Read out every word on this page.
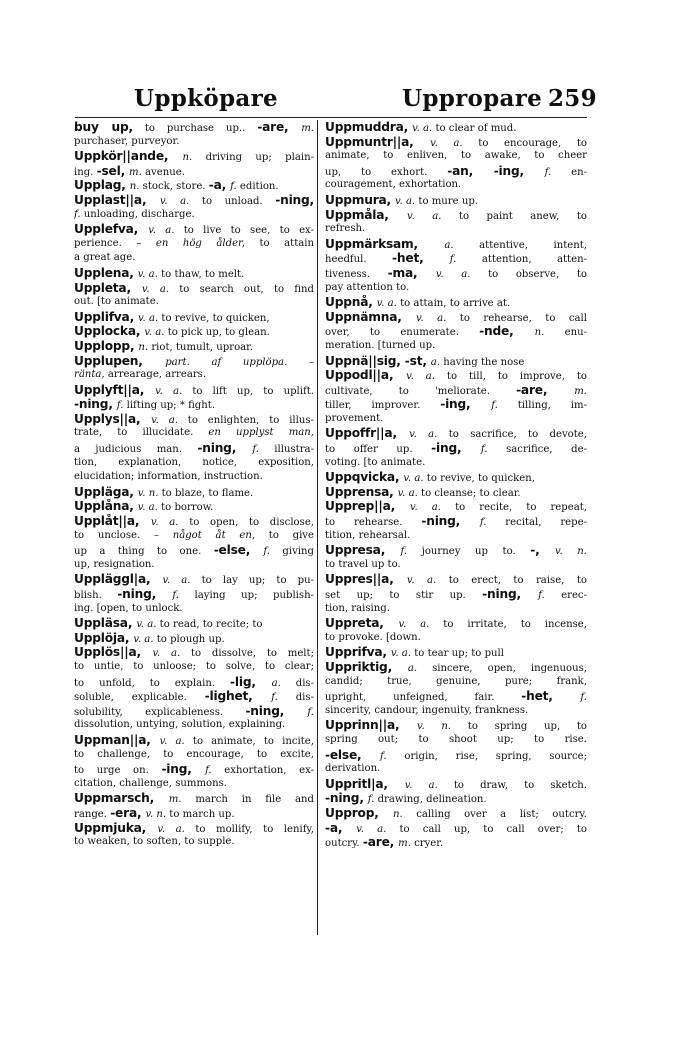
Uppköpare	Uppropare 259
buy up, to purchase up.. -are, m.
purchaser, purveyor.
Uppkör||ande, n. driving up; plain-
ing. -sel, m. avenue.
Upplag, n. stock, store. -a, f. edition.
Upplast||a, v. a. to unload. -ning,
f. unloading, discharge.
Upplefva, v. a. to live to see, to ex-
perience. – en hög ålder, to attain
a great age.
Upplena, v. a. to thaw, to melt.
Uppleta, v. a. to search out, to find
out. [to animate.
Upplifva, v. a. to revive, to quicken,
Upplocka, v. a. to pick up, to glean.
Upplopp, n. riot, tumult, uproar.
Upplupen, part. af upplöpa. –
ränta, arrearage, arrears.
Upplyft||a, v. a. to lift up, to uplift.
-ning, f. lifting up; * fight.
Upplys||a, v. a. to enlighten, to illus-
trate, to illucidate. en upplyst man,
a judicious man. -ning, f. illustra-
tion, explanation, notice, exposition,
elucidation; information, instruction.
Uppläga, v. n. to blaze, to flame.
Upplåna, v. a. to borrow.
Upplåt||a, v. a. to open, to disclose,
to unclose. – något åt en, to give
up a thing to one. -else, f. giving
up, resignation.
Uppläggl|a, v. a. to lay up; to pu-
blish. -ning, f. laying up; publish-
ing. [open, to unlock.
Uppläsa, v. a. to read, to recite; to
Upplöja, v. a. to plough up.
Upplös||a, v. a. to dissolve, to melt;
to untie, to unloose; to solve, to clear;
to unfold, to explain. -lig, a. dis-
soluble, explicable. -lighet, f. dis-
solubility, explicableness. -ning, f.
dissolution, untying, solution, explaining.
Uppman||a, v. a. to animate, to incite,
to challenge, to encourage, to excite,
to urge on. -ing, f. exhortation, ex-
citation, challenge, summons.
Uppmarsch, m. march in file and
range. -era, v. n. to march up.
Uppmjuka, v. a. to mollify, to lenify,
to weaken, to soften, to supple.
Uppmuddra, v. a. to clear of mud.
Uppmuntr||a, v. a. to encourage, to
animate, to enliven, to awake, to cheer
up, to exhort. -an, -ing, f. en-
couragement, exhortation.
Uppmura, v. a. to mure up.
Uppmåla, v. a. to paint anew, to
refresh.
Uppmärksam, a. attentive, intent,
heedful. -het, f. attention, atten-
tiveness. -ma, v. a. to observe, to
pay attention to.
Uppnå, v. a. to attain, to arrive at.
Uppnämna, v. a. to rehearse, to call
over, to enumerate. -nde, n. enu-
meration. [turned up.
Uppnä||sig, -st, a. having the nose
Uppodl||a, v. a. to till, to improve, to
cultivate, to 'meliorate. -are, m.
tiller, improver. -ing, f. tilling, im-
provement.
Uppoffr||a, v. a. to sacrifice, to devote,
to offer up. -ing, f. sacrifice, de-
voting. [to animate.
Uppqvicka, v. a. to revive, to quicken,
Upprensa, v. a. to cleanse; to clear.
Upprep||a, v. a. to recite, to repeat,
to rehearse. -ning, f. recital, repe-
tition, rehearsal.
Uppresa, f. journey up to. -, v. n.
to travel up to.
Uppres||a, v. a. to erect, to raise, to
set up; to stir up. -ning, f. erec-
tion, raising.
Uppreta, v. a. to irritate, to incense,
to provoke. [down.
Upprifva, v. a. to tear up; to pull
Uppriktig, a. sincere, open, ingenuous,
candid; true, genuine, pure; frank,
upright, unfeigned, fair. -het, f.
sincerity, candour, ingenuity, frankness.
Upprinn||a, v. n. to spring up, to
spring out; to shoot up; to rise.
-else, f. origin, rise, spring, source;
derivation.
Uppritl|a, v. a. to draw, to sketch.
-ning, f. drawing, delineation.
Upprop, n. calling over a list; outcry.
-a, v. a. to call up, to call over; to
outcry. -are, m. cryer.
